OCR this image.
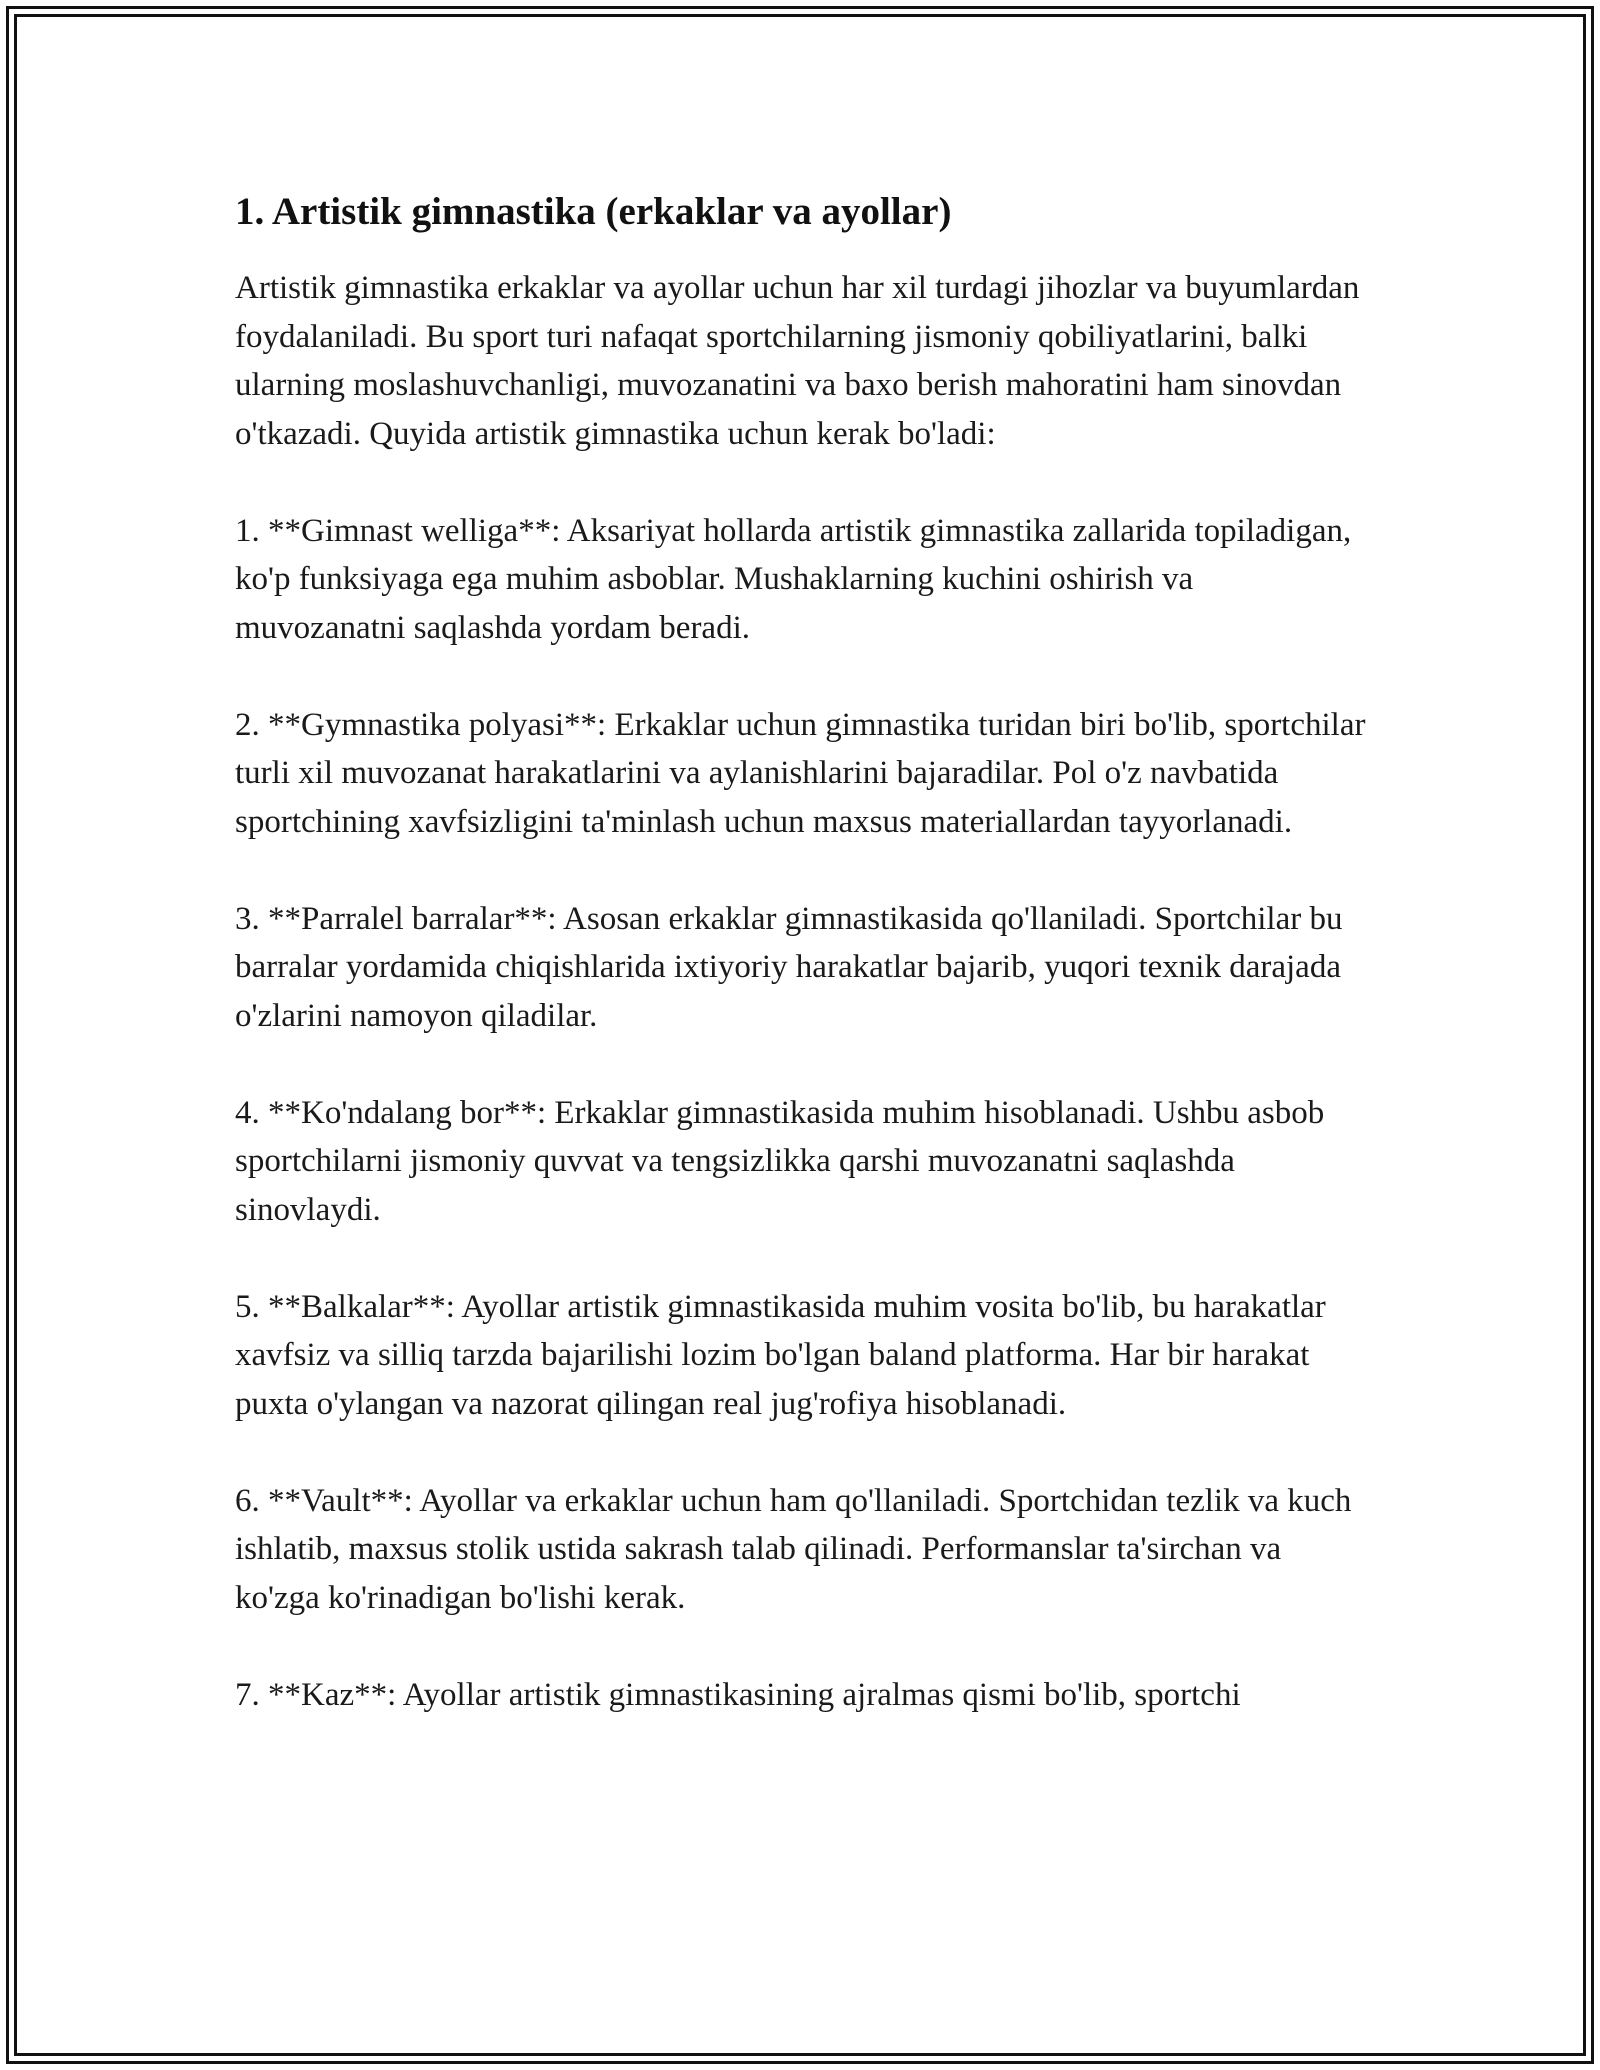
1. Artistik gimnastika (erkaklar va ayollar)

Artistik gimnastika erkaklar va ayollar uchun har xil turdagi jihozlar va buyumlardan foydalaniladi. Bu sport turi nafaqat sportchilarning jismoniy qobiliyatlarini, balki ularning moslashuvchanligi, muvozanatini va baxo berish mahoratini ham sinovdan o'tkazadi. Quyida artistik gimnastika uchun kerak bo'ladi:

1. **Gimnast welliga**: Aksariyat hollarda artistik gimnastika zallarida topiladigan, ko'p funksiyaga ega muhim asboblar. Mushaklarning kuchini oshirish va muvozanatni saqlashda yordam beradi.

2. **Gymnastika polyasi**: Erkaklar uchun gimnastika turidan biri bo'lib, sportchilar turli xil muvozanat harakatlarini va aylanishlarini bajaradilar. Pol o'z navbatida sportchining xavfsizligini ta'minlash uchun maxsus materiallardan tayyorlanadi.

3. **Parralel barralar**: Asosan erkaklar gimnastikasida qo'llaniladi. Sportchilar bu barralar yordamida chiqishlarida ixtiyoriy harakatlar bajarib, yuqori texnik darajada o'zlarini namoyon qiladilar.

4. **Ko'ndalang bor**: Erkaklar gimnastikasida muhim hisoblanadi. Ushbu asbob sportchilarni jismoniy quvvat va tengsizlikka qarshi muvozanatni saqlashda sinovlaydi.

5. **Balkalar**: Ayollar artistik gimnastikasida muhim vosita bo'lib, bu harakatlar xavfsiz va silliq tarzda bajarilishi lozim bo'lgan baland platforma. Har bir harakat puxta o'ylangan va nazorat qilingan real jug'rofiya hisoblanadi.

6. **Vault**: Ayollar va erkaklar uchun ham qo'llaniladi. Sportchidan tezlik va kuch ishlatib, maxsus stolik ustida sakrash talab qilinadi. Performanslar ta'sirchan va ko'zga ko'rinadigan bo'lishi kerak.

7. **Kaz**: Ayollar artistik gimnastikasining ajralmas qismi bo'lib, sportchi
